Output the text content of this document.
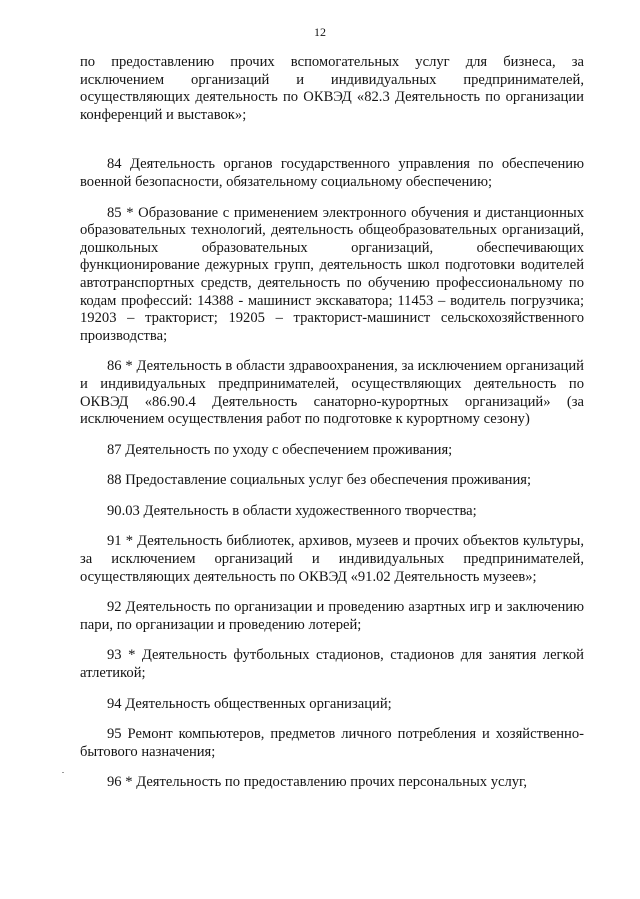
12

по предоставлению прочих вспомогательных услуг для бизнеса, за исключением организаций и индивидуальных предпринимателей, осуществляющих деятельность по ОКВЭД «82.3 Деятельность по организации конференций и выставок»;

84 Деятельность органов государственного управления по обеспечению военной безопасности, обязательному социальному обеспечению;

85 * Образование с применением электронного обучения и дистанционных образовательных технологий, деятельность общеобразовательных организаций, дошкольных образовательных организаций, обеспечивающих функционирование дежурных групп, деятельность школ подготовки водителей автотранспортных средств, деятельность по обучению профессиональному по кодам профессий: 14388 - машинист экскаватора; 11453 – водитель погрузчика; 19203 – тракторист; 19205 – тракторист-машинист сельскохозяйственного производства;

86 * Деятельность в области здравоохранения, за исключением организаций и индивидуальных предпринимателей, осуществляющих деятельность по ОКВЭД «86.90.4 Деятельность санаторно-курортных организаций» (за исключением осуществления работ по подготовке к курортному сезону)

87 Деятельность по уходу с обеспечением проживания;

88 Предоставление социальных услуг без обеспечения проживания;

90.03 Деятельность в области художественного творчества;

91 * Деятельность библиотек, архивов, музеев и прочих объектов культуры, за исключением организаций и индивидуальных предпринимателей, осуществляющих деятельность по ОКВЭД «91.02 Деятельность музеев»;

92 Деятельность по организации и проведению азартных игр и заключению пари, по организации и проведению лотерей;

93 * Деятельность футбольных стадионов, стадионов для занятия легкой атлетикой;

94 Деятельность общественных организаций;

95 Ремонт компьютеров, предметов личного потребления и хозяйственно-бытового назначения;

96 * Деятельность по предоставлению прочих персональных услуг,
